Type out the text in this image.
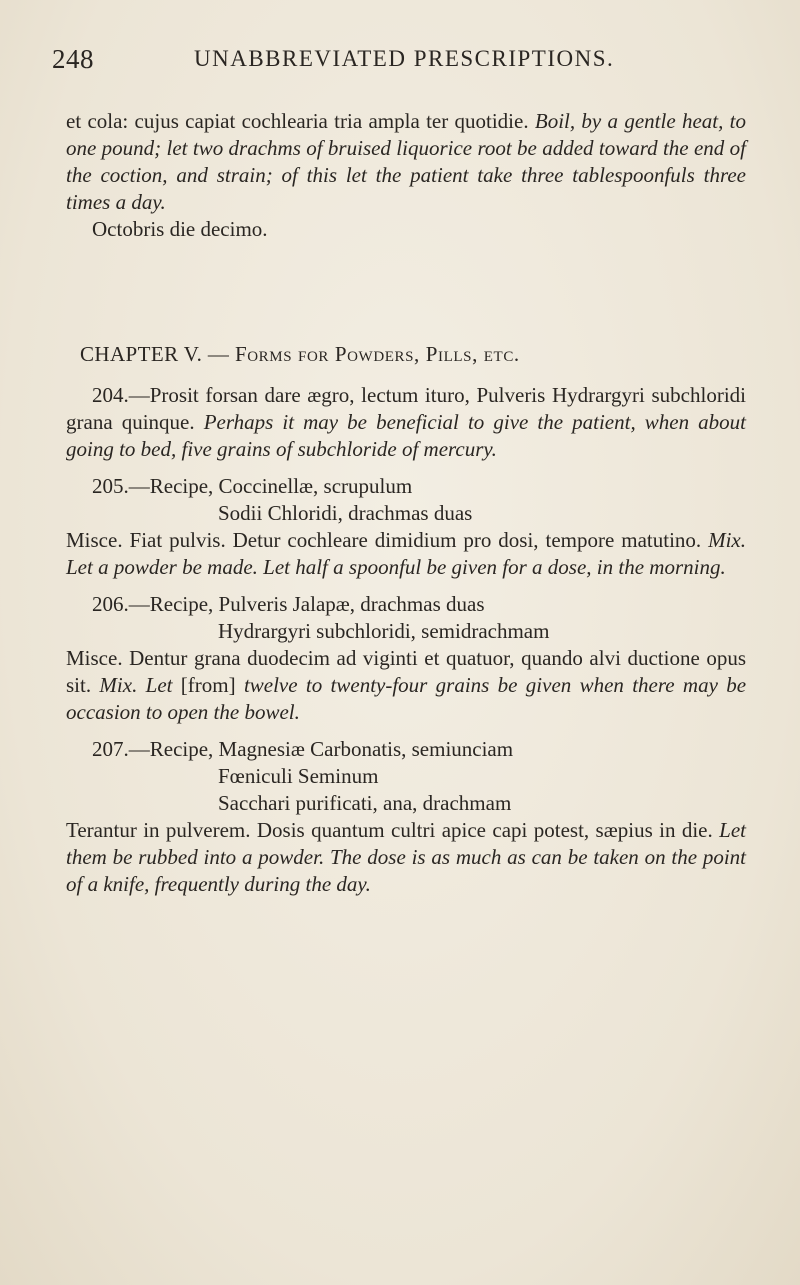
248	UNABBREVIATED PRESCRIPTIONS.

et cola: cujus capiat cochlearia tria ampla ter quotidie. Boil, by a gentle heat, to one pound; let two drachms of bruised liquorice root be added toward the end of the coction, and strain; of this let the patient take three tablespoonfuls three times a day.

Octobris die decimo.

CHAPTER V. — Forms for Powders, Pills, etc.

204.—Prosit forsan dare ægro, lectum ituro, Pulveris Hydrargyri subchloridi grana quinque. Perhaps it may be beneficial to give the patient, when about going to bed, five grains of subchloride of mercury.

205.—Recipe, Coccinellæ, scrupulum

Sodii Chloridi, drachmas duas

Misce. Fiat pulvis. Detur cochleare dimidium pro dosi, tempore matutino. Mix. Let a powder be made. Let half a spoonful be given for a dose, in the morning.

206.—Recipe, Pulveris Jalapæ, drachmas duas

Hydrargyri subchloridi, semidrachmam

Misce. Dentur grana duodecim ad viginti et quatuor, quando alvi ductione opus sit. Mix. Let [from] twelve to twenty-four grains be given when there may be occasion to open the bowel.

207.—Recipe, Magnesiæ Carbonatis, semiunciam

Fœniculi Seminum

Sacchari purificati, ana, drachmam

Terantur in pulverem. Dosis quantum cultri apice capi potest, sæpius in die. Let them be rubbed into a powder. The dose is as much as can be taken on the point of a knife, frequently during the day.
